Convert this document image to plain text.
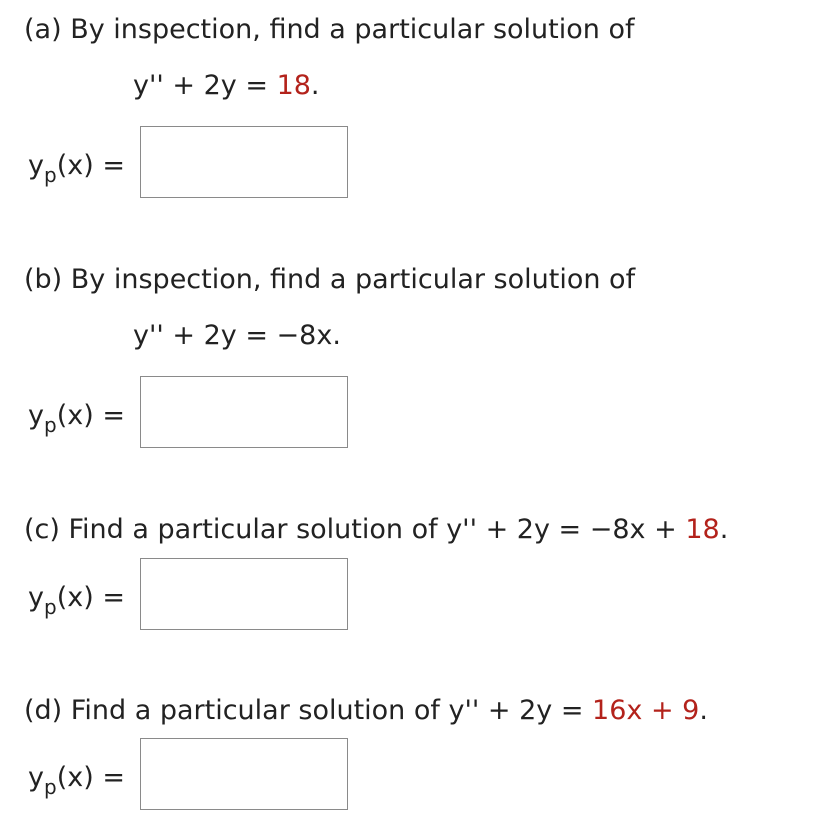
(a) By inspection, find a particular solution of
y'' + 2y = 18.
$y_p(x)$ =
(b) By inspection, find a particular solution of
y'' + 2y = −8x.
$y_p(x)$ =
(c) Find a particular solution of y'' + 2y = −8x + 18.
$y_p(x)$ =
(d) Find a particular solution of y'' + 2y = 16x + 9.
$y_p(x)$ =
